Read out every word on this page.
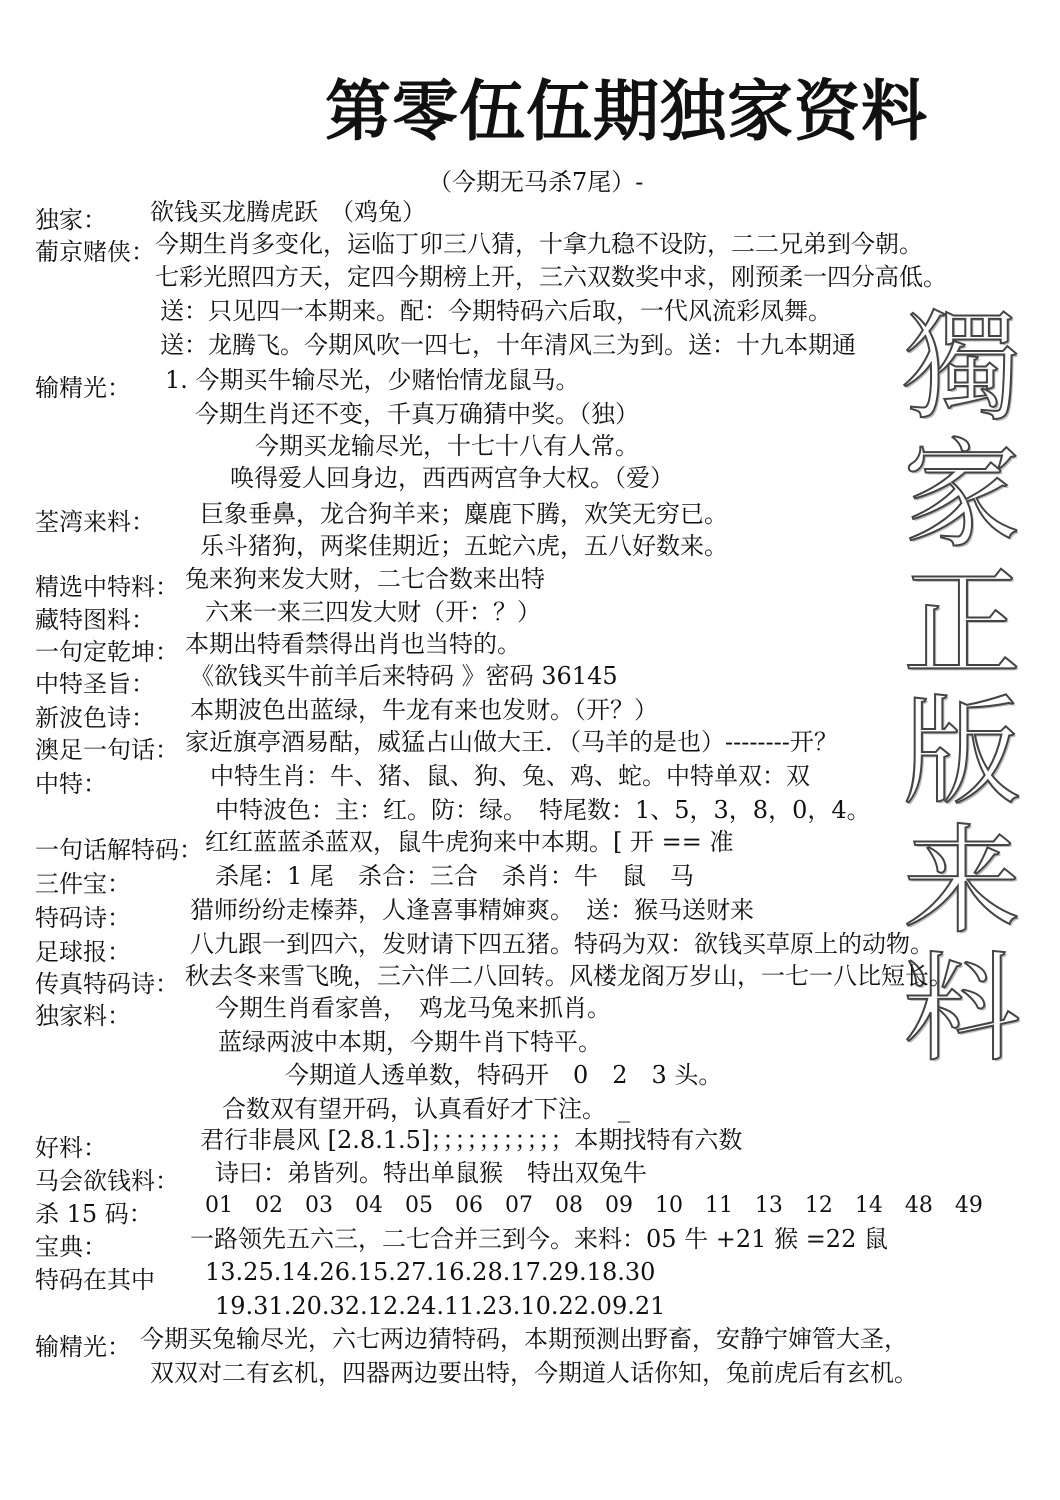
第零伍伍期独家资料
（今期无马杀7尾）-
獨
家
正
版
来
料
独家： 欲钱买龙腾虎跃　（鸡兔）
葡京赌侠： 今期生肖多变化，运临丁卯三八猜，十拿九稳不设防，二二兄弟到今朝。
七彩光照四方天，定四今期榜上开，三六双数奖中求，刚预柔一四分高低。
送：只见四一本期来。配：今期特码六后取，一代风流彩凤舞。
送：龙腾飞。今期风吹一四七，十年清风三为到。送：十九本期通
输精光： 1. 今期买牛输尽光，少赌怡情龙鼠马。
今期生肖还不变，千真万确猜中奖。（独）
今期买龙输尽光，十七十八有人常。
唤得爱人回身边，西西两宫争大权。（爱）
荃湾来料： 巨象垂鼻，龙合狗羊来；麋鹿下腾，欢笑无穷已。
乐斗猪狗，两桨佳期近；五蛇六虎，五八好数来。
精选中特料： 兔来狗来发大财，二七合数来出特
藏特图料： 六来一来三四发大财（开：？）
一句定乾坤： 本期出特看禁得出肖也当特的。
中特圣旨： 《欲钱买牛前羊后来特码 》密码 36145
新波色诗： 本期波色出蓝绿，牛龙有来也发财。（开？）
澳足一句话： 家近旗亭酒易酤，威猛占山做大王．（马羊的是也）--------开？
中特：	中特生肖：牛、猪、鼠、狗、兔、鸡、蛇。中特单双：双
中特波色：主：红。防：绿。　特尾数：1、5，3，8，0，4。
一句话解特码： 红红蓝蓝杀蓝双，鼠牛虎狗来中本期。[ 开 == 准
三件宝：	杀尾：1 尾　杀合：三合　杀肖：牛　鼠　马
特码诗： 猎师纷纷走榛莽，人逢喜事精婶爽。　送：猴马送财来
足球报： 八九跟一到四六，发财请下四五猪。特码为双：欲钱买草原上的动物。
传真特码诗： 秋去冬来雪飞晚，三六伴二八回转。风楼龙阁万岁山，一七一八比短长。
独家料：	今期生肖看家兽，　鸡龙马兔来抓肖。
蓝绿两波中本期，今期牛肖下特平。
今期道人透单数，特码开　0　2　3 头。
合数双有望开码，认真看好才下注。　_
好料：	君行非晨风 [2.8.1.5]；；；；；；；；；；；本期找特有六数
马会欲钱料： 诗曰：弟皆列。特出单鼠猴　特出双兔牛
杀 15 码： 01　02　03　04　05　06　07　08　09　10　11　13　12　14　48　49
宝典：	一路领先五六三，二七合并三到今。来料：05 牛 +21 猴 =22 鼠
特码在其中 13.25.14.26.15.27.16.28.17.29.18.30
19.31.20.32.12.24.11.23.10.22.09.21
输精光： 今期买兔输尽光，六七两边猜特码，本期预测出野畜，安静宁婶管大圣，
双双对二有玄机，四器两边要出特，今期道人话你知，兔前虎后有玄机。
